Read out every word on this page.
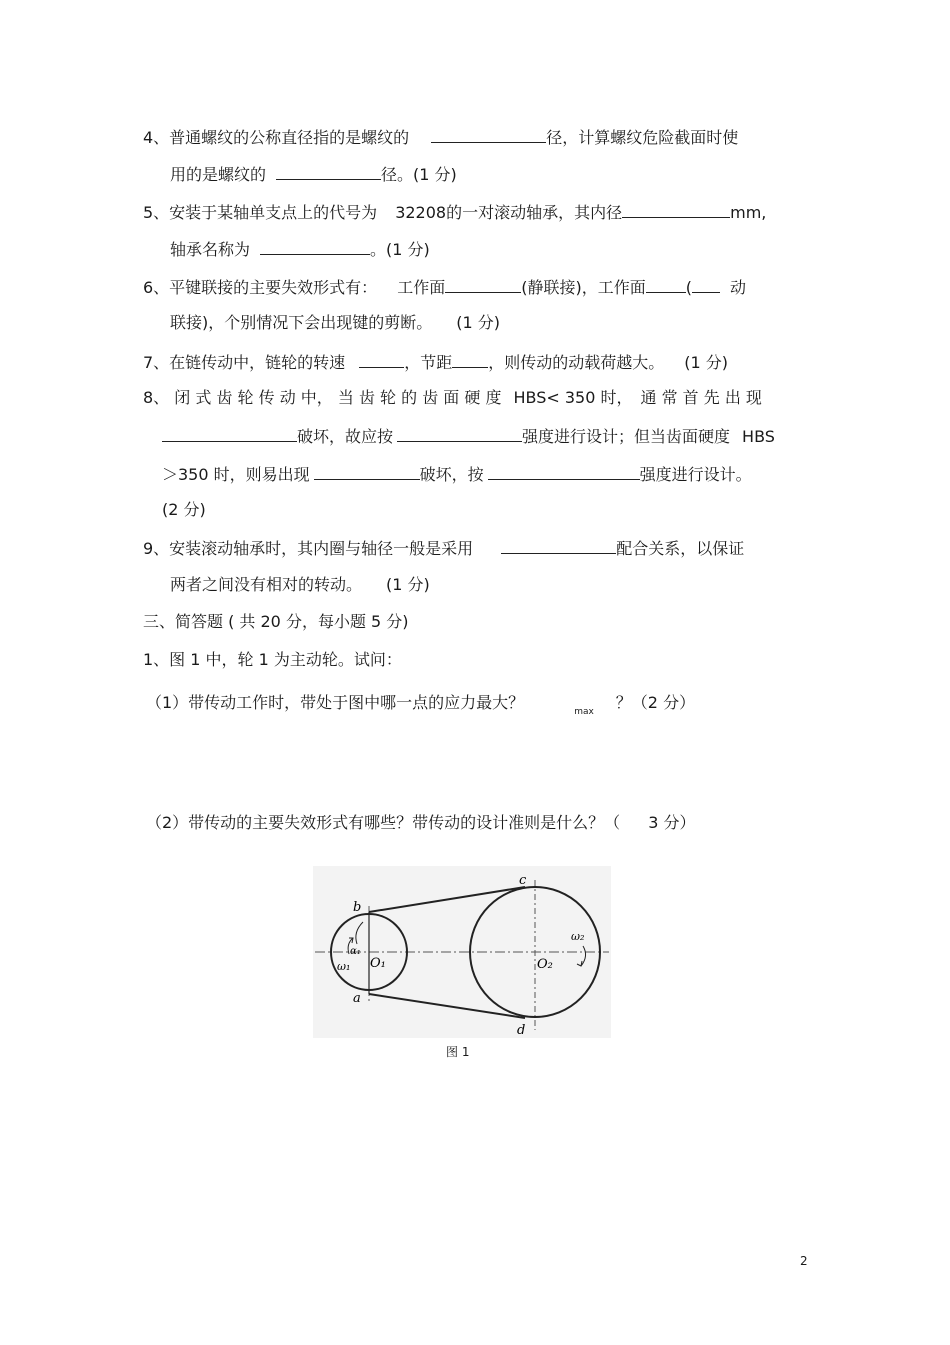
4、普通螺纹的公称直径指的是螺纹的	径，计算螺纹危险截面时使
用的是螺纹的	径。(1 分)
5、安装于某轴单支点上的代号为 32208的一对滚动轴承，其内径	mm,
轴承名称为	。(1 分)
6、平键联接的主要失效形式有： 工作面	(静联接)，工作面	( 动
联接)，个别情况下会出现键的剪断。 (1 分)
7、在链传动中，链轮的转速	，节距 ，则传动的动载荷越大。 (1 分)
8、 闭 式 齿 轮 传 动 中， 当 齿 轮 的 齿 面 硬 度 HBS< 350 时， 通 常 首 先 出 现
破坏，故应按	强度进行设计；但当齿面硬度 HBS
＞350 时，则易出现	破坏，按	强度进行设计。
(2 分)
9、安装滚动轴承时，其内圈与轴径一般是采用	配合关系，以保证
两者之间没有相对的转动。 (1 分)
三、简答题 ( 共 20 分，每小题 5 分)
1、图 1 中，轮 1 为主动轮。试问：
（1）带传动工作时，带处于图中哪一点的应力最大？	$_{max}$ ？（2 分）
（2）带传动的主要失效形式有哪些？带传动的设计准则是什么？（ 3 分）
b
a
c
d
α₁
ω₁
ω₂
O₁	O₂
图 1
2
